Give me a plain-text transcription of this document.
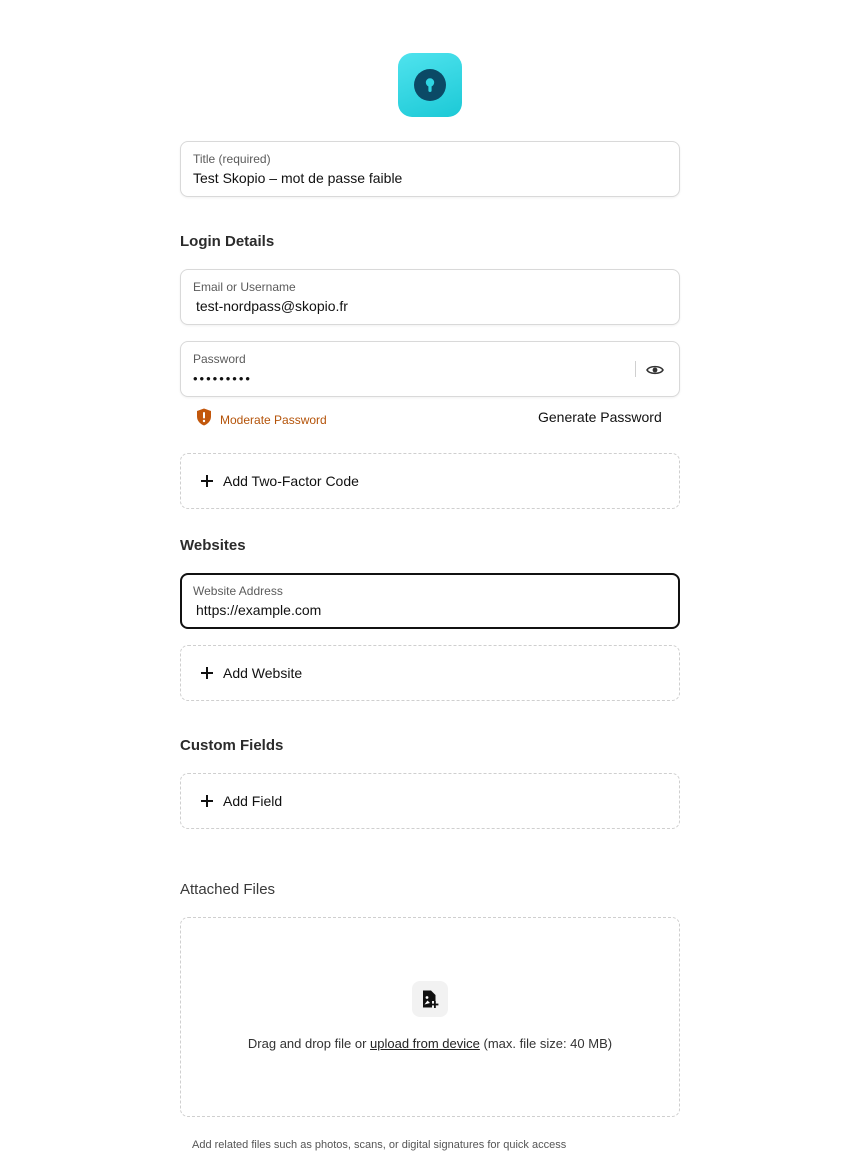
Title (required)
Test Skopio – mot de passe faible
Login Details
Email or Username
test-nordpass@skopio.fr
Password
•••••••••
Moderate Password	Generate Password
Add Two-Factor Code
Websites
Website Address
https://example.com
Add Website
Custom Fields
Add Field
Attached Files
Drag and drop file or upload from device (max. file size: 40 MB)
Add related files such as photos, scans, or digital signatures for quick access
